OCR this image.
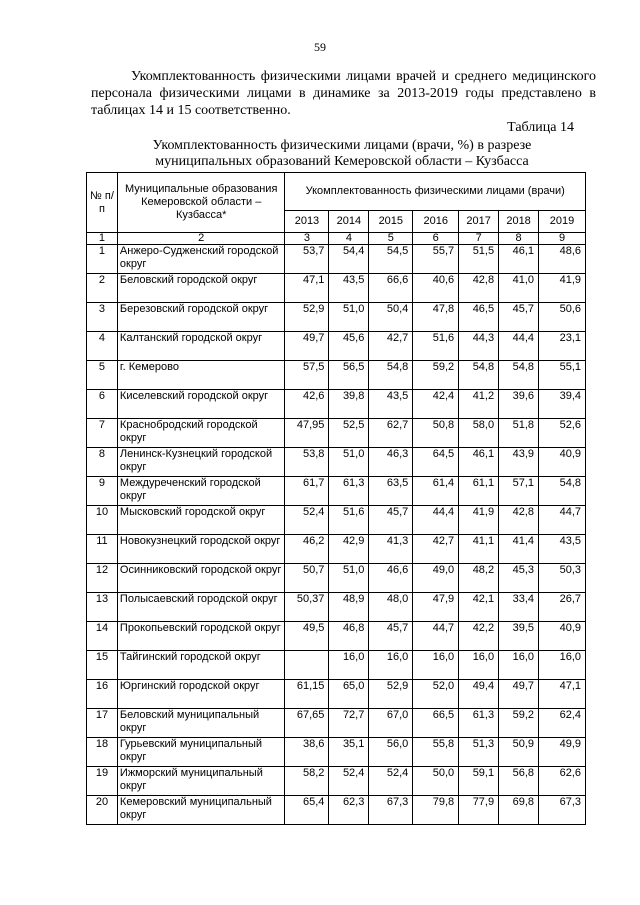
59

Укомплектованность физическими лицами врачей и среднего медицинского персонала физическими лицами в динамике за 2013-2019 годы представлено в таблицах 14 и 15 соответственно.

Таблица 14
Укомплектованность физическими лицами (врачи, %) в разрезе
муниципальных образований Кемеровской области – Кузбасса
№ п/п	Муниципальные образования Кемеровской области – Кузбасса*	Укомплектованность физическими лицами (врачи)						
		2013	2014	2015	2016	2017	2018	2019
1	2	3	4	5	6	7	8	9
1	Анжеро-Судженский городской округ	53,7	54,4	54,5	55,7	51,5	46,1	48,6
2	Беловский городской округ	47,1	43,5	66,6	40,6	42,8	41,0	41,9
3	Березовский городской округ	52,9	51,0	50,4	47,8	46,5	45,7	50,6
4	Калтанский городской округ	49,7	45,6	42,7	51,6	44,3	44,4	23,1
5	г. Кемерово	57,5	56,5	54,8	59,2	54,8	54,8	55,1
6	Киселевский городской округ	42,6	39,8	43,5	42,4	41,2	39,6	39,4
7	Краснобродский городской округ	47,95	52,5	62,7	50,8	58,0	51,8	52,6
8	Ленинск-Кузнецкий городской округ	53,8	51,0	46,3	64,5	46,1	43,9	40,9
9	Междуреченский городской округ	61,7	61,3	63,5	61,4	61,1	57,1	54,8
10	Мысковский городской округ	52,4	51,6	45,7	44,4	41,9	42,8	44,7
11	Новокузнецкий городской округ	46,2	42,9	41,3	42,7	41,1	41,4	43,5
12	Осинниковский городской округ	50,7	51,0	46,6	49,0	48,2	45,3	50,3
13	Полысаевский городской округ	50,37	48,9	48,0	47,9	42,1	33,4	26,7
14	Прокопьевский городской округ	49,5	46,8	45,7	44,7	42,2	39,5	40,9
15	Тайгинский городской округ		16,0	16,0	16,0	16,0	16,0	16,0
16	Юргинский городской округ	61,15	65,0	52,9	52,0	49,4	49,7	47,1
17	Беловский муниципальный округ	67,65	72,7	67,0	66,5	61,3	59,2	62,4
18	Гурьевский муниципальный округ	38,6	35,1	56,0	55,8	51,3	50,9	49,9
19	Ижморский муниципальный округ	58,2	52,4	52,4	50,0	59,1	56,8	62,6
20	Кемеровский муниципальный округ	65,4	62,3	67,3	79,8	77,9	69,8	67,3
